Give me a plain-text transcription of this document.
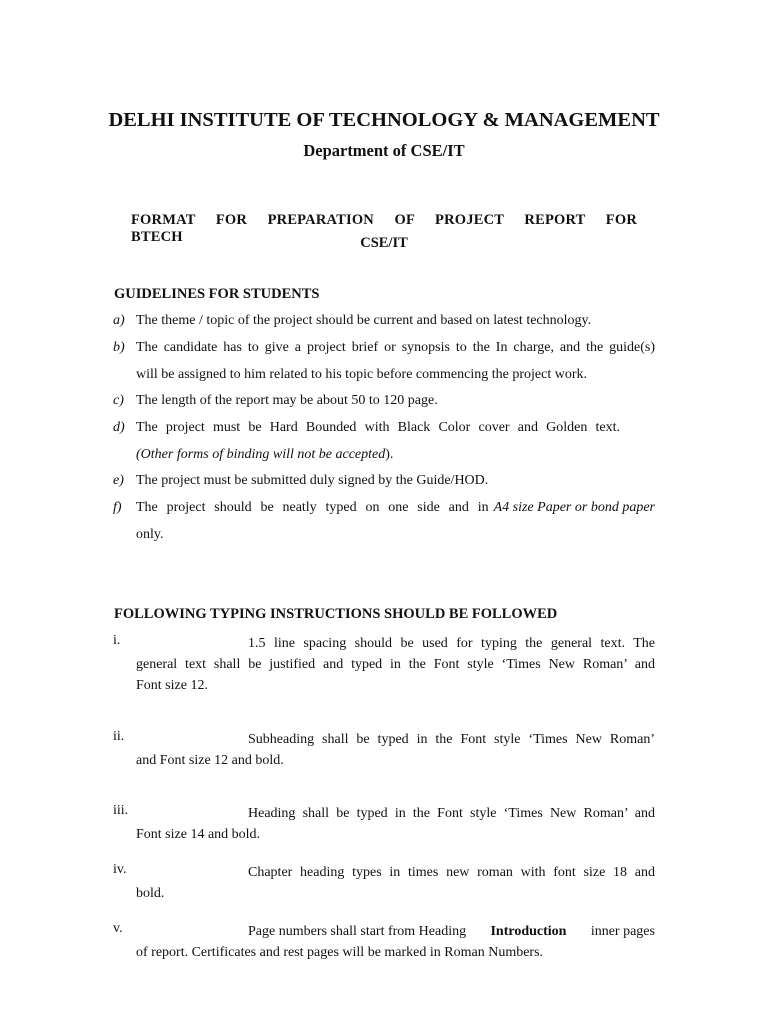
DELHI INSTITUTE OF TECHNOLOGY & MANAGEMENT
Department of CSE/IT
FORMAT FOR PREPARATION OF PROJECT REPORT FOR BTECH	CSE/IT
GUIDELINES FOR STUDENTS
a) The theme / topic of the project should be current and based on latest technology.
b) The candidate has to give a project brief or synopsis to the In charge, and the guide(s)
will be assigned to him related to his topic before commencing the project work.
c) The length of the report may be about 50 to 120 page.
d) The project must be Hard Bounded with Black Color cover and Golden text.
(Other forms of binding will not be accepted).
e) The project must be submitted duly signed by the Guide/HOD.
f)	The project should be neatly typed on one side and in A4 size Paper or bond paper
only.
FOLLOWING TYPING INSTRUCTIONS SHOULD BE FOLLOWED
i.	1.5 line spacing should be used for typing the general text. The
general text shall be justified and typed in the Font style ‘Times New Roman’ and
Font size 12.
ii.	Subheading shall be typed in the Font style ‘Times New Roman’
and Font size 12 and bold.
iii.	Heading shall be typed in the Font style ‘Times New Roman’ and
Font size 14 and bold.
iv.	Chapter heading types in times new roman with font size 18 and
bold.
v.	Page numbers shall start from Heading Introduction inner pages
of report. Certificates and rest pages will be marked in Roman Numbers.
